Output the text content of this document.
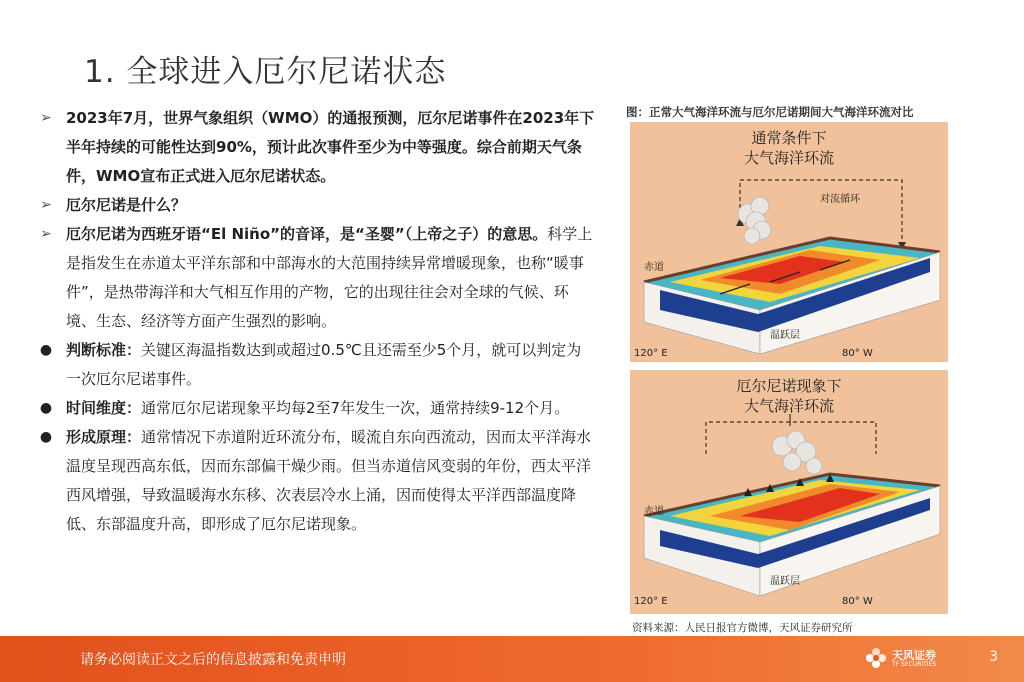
1. 全球进入厄尔尼诺状态
➢ 2023年7月，世界气象组织（WMO）的通报预测，厄尔尼诺事件在2023年下半年持续的可能性达到90%，预计此次事件至少为中等强度。综合前期天气条件，WMO宣布正式进入厄尔尼诺状态。
➢ 厄尔尼诺是什么？
➢ 厄尔尼诺为西班牙语“El Niño”的音译，是“圣婴”（上帝之子）的意思。科学上是指发生在赤道太平洋东部和中部海水的大范围持续异常增暖现象，也称“暖事件”，是热带海洋和大气相互作用的产物，它的出现往往会对全球的气候、环境、生态、经济等方面产生强烈的影响。
● 判断标准：关键区海温指数达到或超过0.5℃且还需至少5个月，就可以判定为一次厄尔尼诺事件。
● 时间维度：通常厄尔尼诺现象平均每2至7年发生一次，通常持续9-12个月。
● 形成原理：通常情况下赤道附近环流分布，暖流自东向西流动，因而太平洋海水温度呈现西高东低，因而东部偏干燥少雨。但当赤道信风变弱的年份，西太平洋西风增强，导致温暖海水东移、次表层冷水上涌，因而使得太平洋西部温度降低、东部温度升高，即形成了厄尔尼诺现象。
图：正常大气海洋环流与厄尔尼诺期间大气海洋环流对比
通常条件下
大气海洋环流
对流循环
赤道
温跃层
120° E	80° W
厄尔尼诺现象下
大气海洋环流
赤道
温跃层
120° E	80° W
资料来源：人民日报官方微博，天风证券研究所
请务必阅读正文之后的信息披露和免责申明	天风证券
TF SECURITIES	3
